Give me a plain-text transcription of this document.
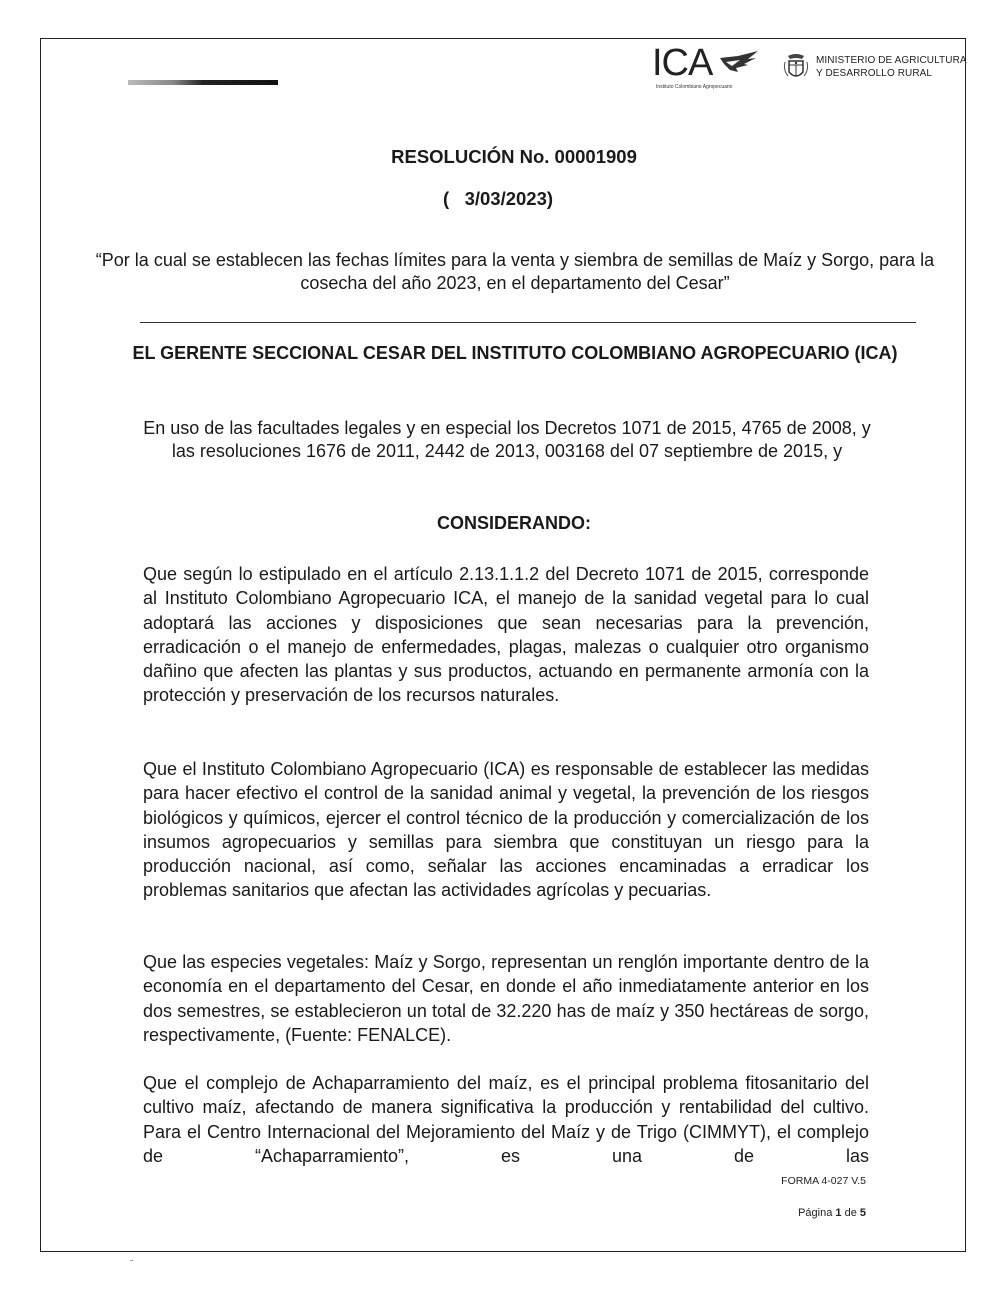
ICA
Instituto Colombiano Agropecuario
MINISTERIO DE AGRICULTURA
Y DESARROLLO RURAL
RESOLUCIÓN No. 00001909
(   3/03/2023)
“Por la cual se establecen las fechas límites para la venta y siembra de semillas de Maíz y Sorgo, para la cosecha del año 2023, en el departamento del Cesar”
EL GERENTE SECCIONAL CESAR DEL INSTITUTO COLOMBIANO AGROPECUARIO (ICA)
En uso de las facultades legales y en especial los Decretos 1071 de 2015, 4765 de 2008, y las resoluciones 1676 de 2011, 2442 de 2013, 003168 del 07 septiembre de 2015, y
CONSIDERANDO:
Que según lo estipulado en el artículo 2.13.1.1.2 del Decreto 1071 de 2015, corresponde al Instituto Colombiano Agropecuario ICA, el manejo de la sanidad vegetal para lo cual adoptará las acciones y disposiciones que sean necesarias para la prevención, erradicación o el manejo de enfermedades, plagas, malezas o cualquier otro organismo dañino que afecten las plantas y sus productos, actuando en permanente armonía con la protección y preservación de los recursos naturales.
Que el Instituto Colombiano Agropecuario (ICA) es responsable de establecer las medidas para hacer efectivo el control de la sanidad animal y vegetal, la prevención de los riesgos biológicos y químicos, ejercer el control técnico de la producción y comercialización de los insumos agropecuarios y semillas para siembra que constituyan un riesgo para la producción nacional, así como, señalar las acciones encaminadas a erradicar los problemas sanitarios que afectan las actividades agrícolas y pecuarias.
Que las especies vegetales: Maíz y Sorgo, representan un renglón importante dentro de la economía en el departamento del Cesar, en donde el año inmediatamente anterior en los dos semestres, se establecieron un total de 32.220 has de maíz y 350 hectáreas de sorgo, respectivamente, (Fuente: FENALCE).
Que el complejo de Achaparramiento del maíz, es el principal problema fitosanitario del cultivo maíz, afectando de manera significativa la producción y rentabilidad del cultivo. Para el Centro Internacional del Mejoramiento del Maíz y de Trigo (CIMMYT), el complejo de “Achaparramiento”, es una de las
FORMA 4-027 V.5
Página 1 de 5
